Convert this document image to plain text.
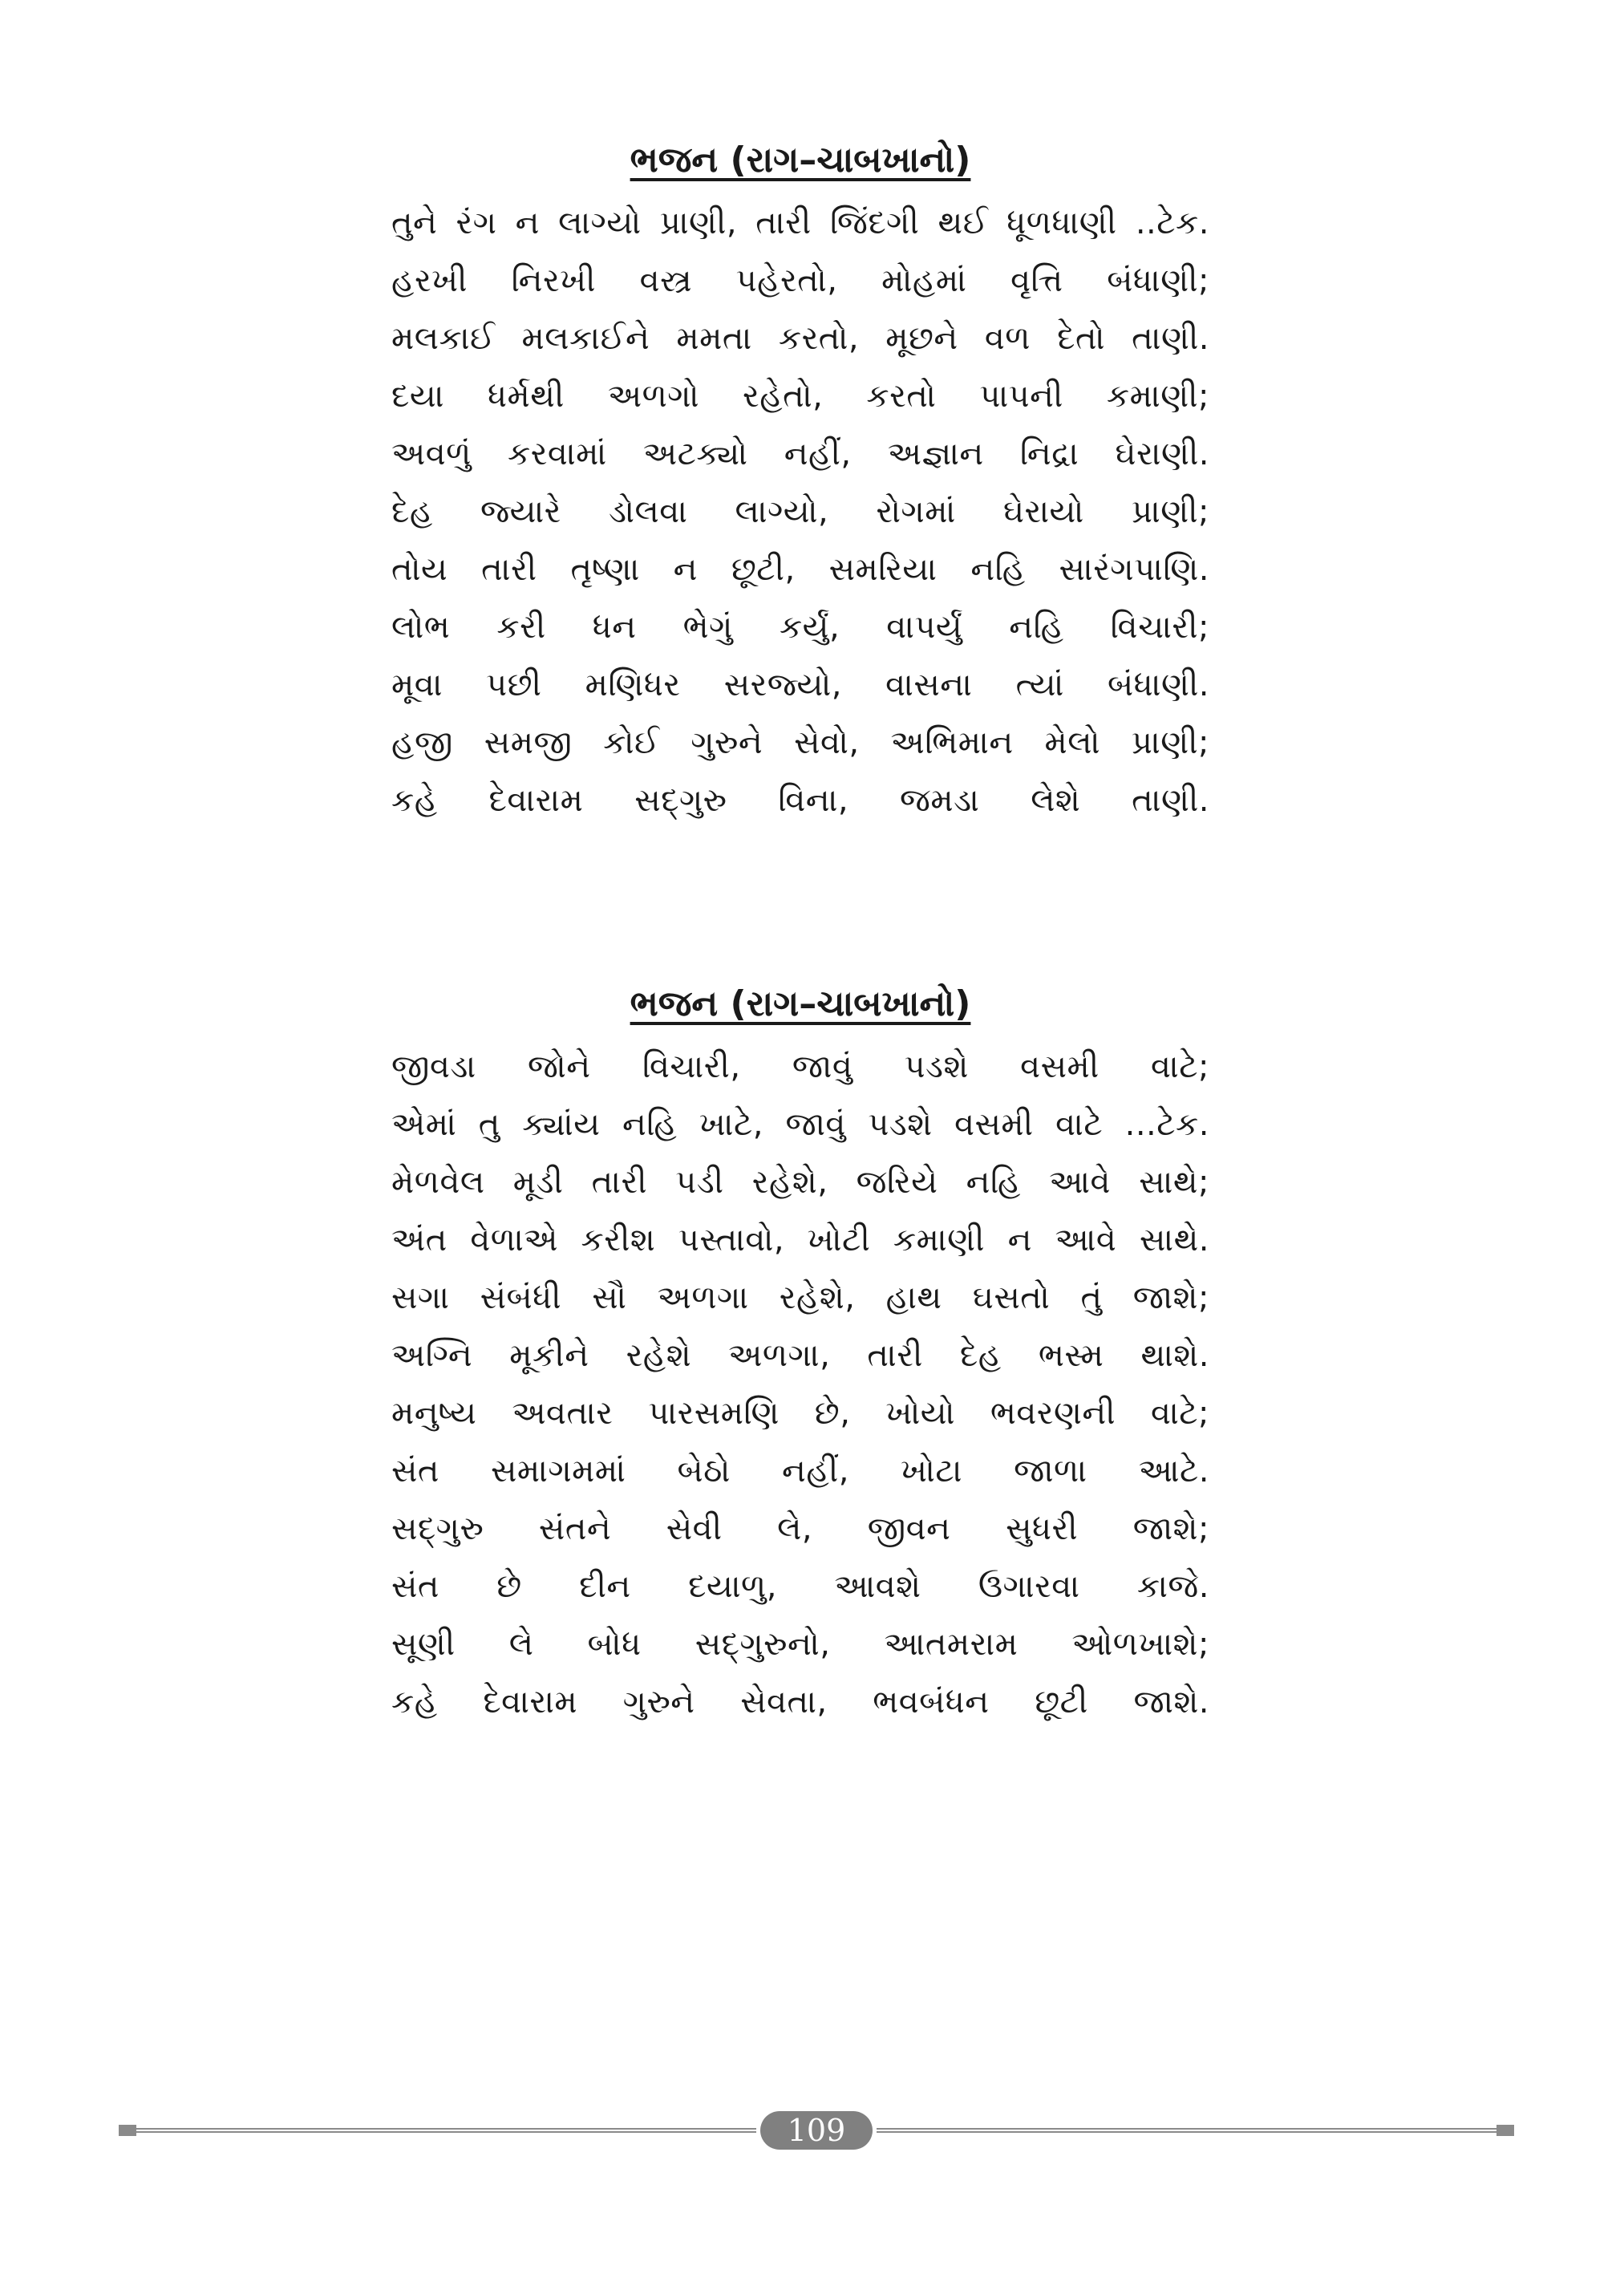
ભજન (રાગ–ચાબખાનો)
તુને રંગ ન લાગ્યો પ્રાણી, તારી જિંદગી થઈ ધૂળધાણી ..ટેક.
હરખી નિરખી વસ્ત્ર પહેરતો, મોહમાં વૃત્તિ બંધાણી;
મલકાઈ મલકાઈને મમતા કરતો, મૂછને વળ દેતો તાણી.
દયા ધર્મથી અળગો રહેતો, કરતો પાપની કમાણી;
અવળું કરવામાં અટક્યો નહીં, અજ્ઞાન નિદ્રા ઘેરાણી.
દેહ જ્યારે ડોલવા લાગ્યો, રોગમાં ઘેરાયો પ્રાણી;
તોય તારી તૃષ્ણા ન છૂટી, સમરિયા નહિ સારંગપાણિ.
લોભ કરી ધન ભેગું કર્યું, વાપર્યું નહિ વિચારી;
મૂવા પછી મણિધર સરજ્યો, વાસના ત્યાં બંધાણી.
હજી સમજી કોઈ ગુરુને સેવો, અભિમાન મેલો પ્રાણી;
કહે દેવારામ સદ્‌ગુરુ વિના, જમડા લેશે તાણી.
ભજન (રાગ–ચાબખાનો)
જીવડા જોને વિચારી, જાવું પડશે વસમી વાટે;
એમાં તુ ક્યાંય નહિ ખાટે, જાવું પડશે વસમી વાટે ...ટેક.
મેળવેલ મૂડી તારી પડી રહેશે, જરિયે નહિ આવે સાથે;
અંત વેળાએ કરીશ પસ્તાવો, ખોટી કમાણી ન આવે સાથે.
સગા સંબંધી સૌ અળગા રહેશે, હાથ ઘસતો તું જાશે;
અગ્નિ મૂકીને રહેશે અળગા, તારી દેહ ભસ્મ થાશે.
મનુષ્ય અવતાર પારસમણિ છે, ખોયો ભવરણની વાટે;
સંત સમાગમમાં બેઠો નહીં, ખોટા જાળા આટે.
સદ્‌ગુરુ સંતને સેવી લે, જીવન સુધરી જાશે;
સંત છે દીન દયાળુ, આવશે ઉગારવા કાજે.
સૂણી લે બોધ સદ્‌ગુરુનો, આતમરામ ઓળખાશે;
કહે દેવારામ ગુરુને સેવતા, ભવબંધન છૂટી જાશે.
109
